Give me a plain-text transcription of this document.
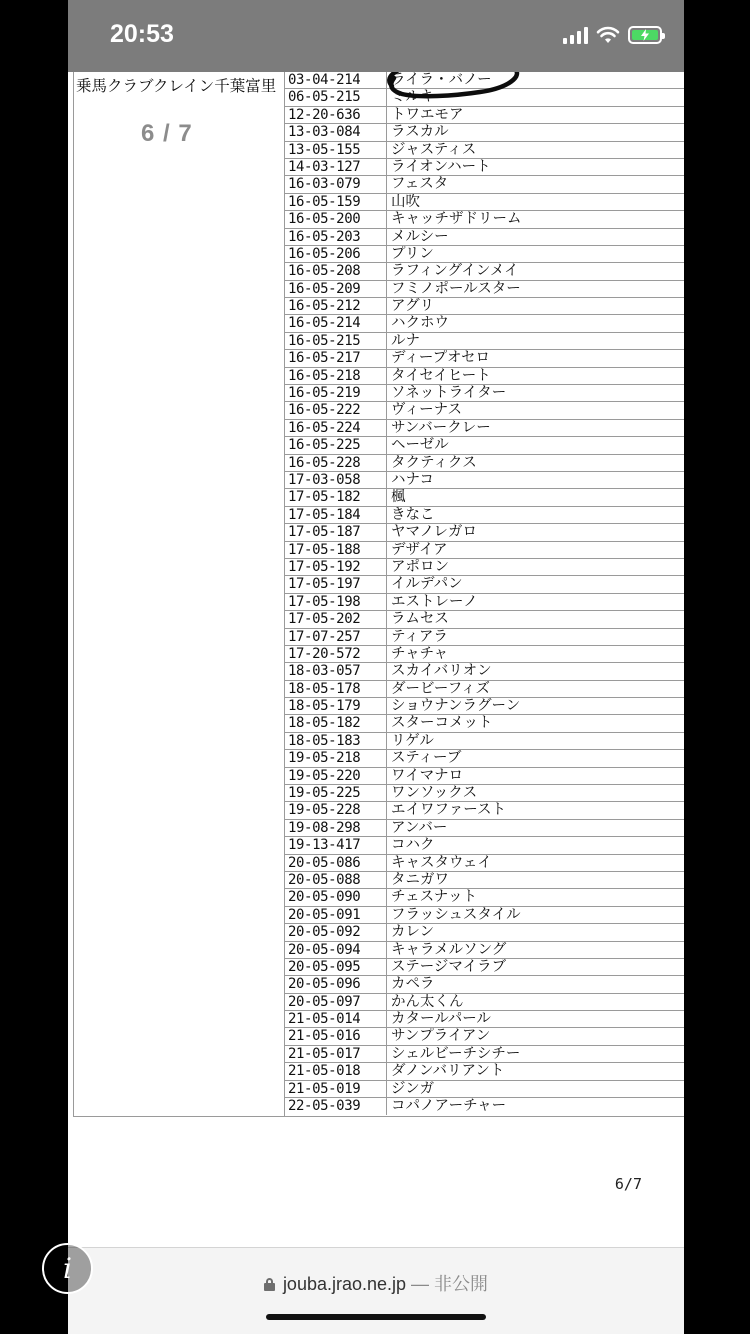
20:53
乗馬クラブクレイン千葉富里
6 / 7
03-04-214	ライラ・バノー
06-05-215	ミルキ
12-20-636	トワエモア
13-03-084	ラスカル
13-05-155	ジャスティス
14-03-127	ライオンハート
16-03-079	フェスタ
16-05-159	山吹
16-05-200	キャッチザドリーム
16-05-203	メルシー
16-05-206	プリン
16-05-208	ラフィングインメイ
16-05-209	フミノポールスター
16-05-212	アグリ
16-05-214	ハクホウ
16-05-215	ルナ
16-05-217	ディープオセロ
16-05-218	タイセイヒート
16-05-219	ソネットライター
16-05-222	ヴィーナス
16-05-224	サンバークレー
16-05-225	ヘーゼル
16-05-228	タクティクス
17-03-058	ハナコ
17-05-182	楓
17-05-184	きなこ
17-05-187	ヤマノレガロ
17-05-188	デザイア
17-05-192	アポロン
17-05-197	イルデパン
17-05-198	エストレーノ
17-05-202	ラムセス
17-07-257	ティアラ
17-20-572	チャチャ
18-03-057	スカイバリオン
18-05-178	ダービーフィズ
18-05-179	ショウナンラグーン
18-05-182	スターコメット
18-05-183	リゲル
19-05-218	スティーブ
19-05-220	ワイマナロ
19-05-225	ワンソックス
19-05-228	エイワファースト
19-08-298	アンバー
19-13-417	コハク
20-05-086	キャスタウェイ
20-05-088	タニガワ
20-05-090	チェスナット
20-05-091	フラッシュスタイル
20-05-092	カレン
20-05-094	キャラメルソング
20-05-095	ステージマイラブ
20-05-096	カペラ
20-05-097	かん太くん
21-05-014	カタールパール
21-05-016	サンプライアン
21-05-017	シェルビーチシチー
21-05-018	ダノンバリアント
21-05-019	ジンガ
22-05-039	コパノアーチャー
6/7
jouba.jrao.ne.jp — 非公開
i
